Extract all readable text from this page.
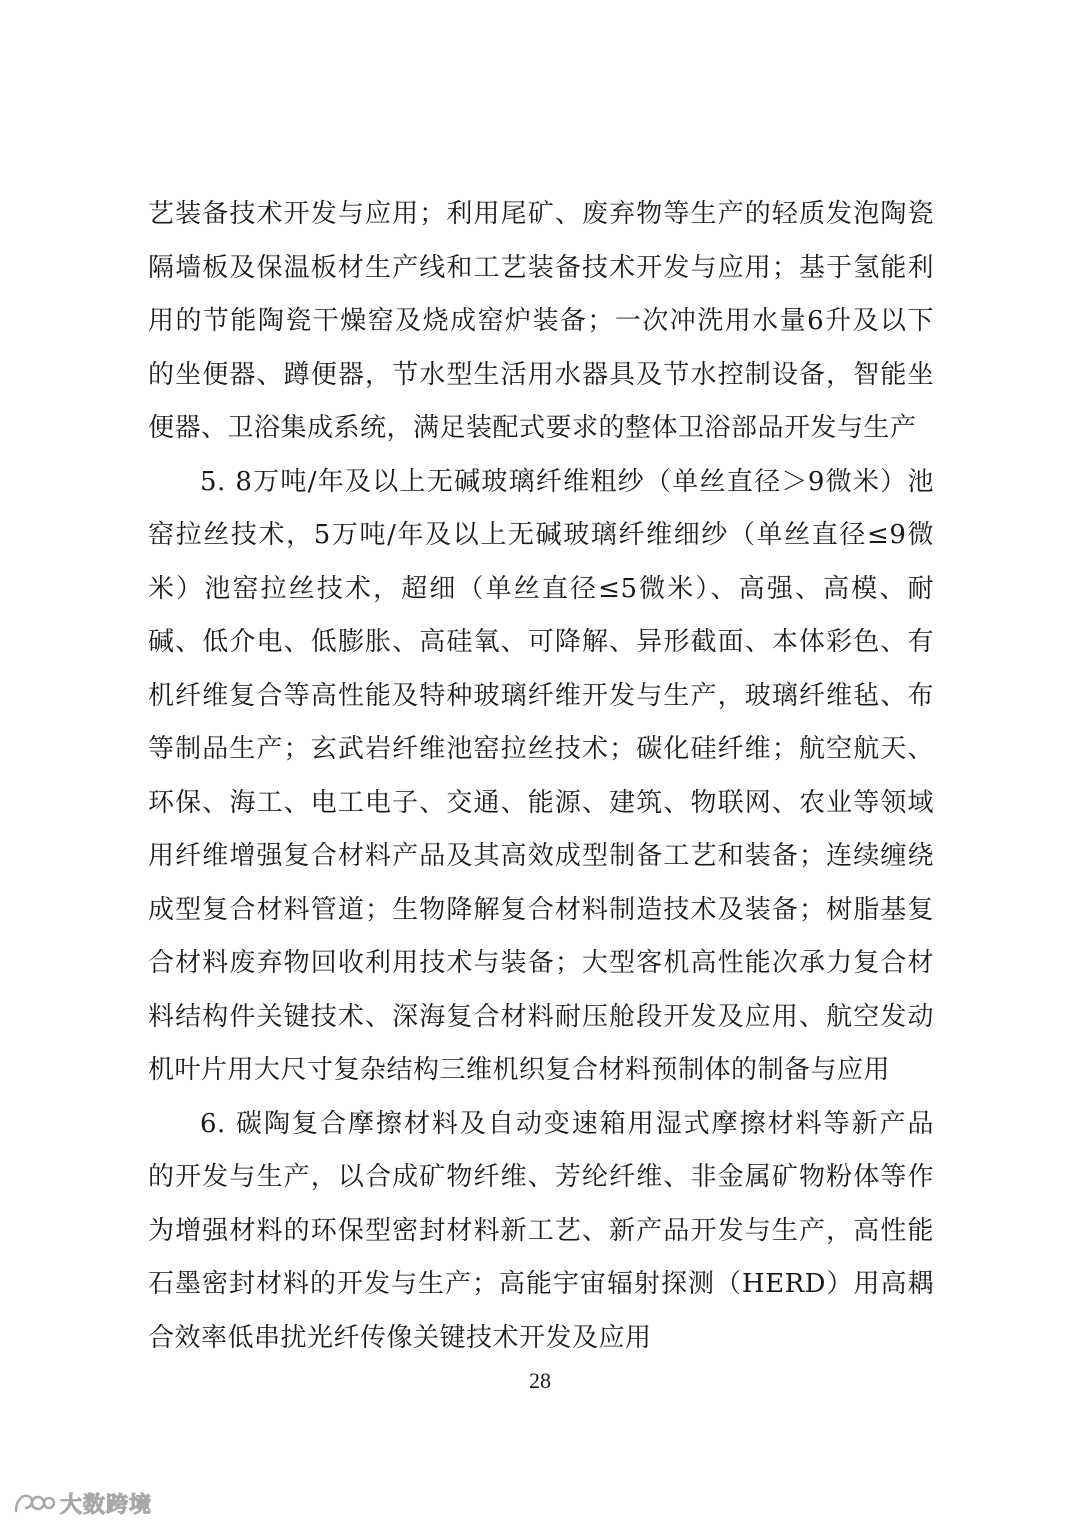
艺装备技术开发与应用；利用尾矿、废弃物等生产的轻质发泡陶瓷
隔墙板及保温板材生产线和工艺装备技术开发与应用；基于氢能利
用的节能陶瓷干燥窑及烧成窑炉装备；一次冲洗用水量6升及以下
的坐便器、蹲便器，节水型生活用水器具及节水控制设备，智能坐
便器、卫浴集成系统，满足装配式要求的整体卫浴部品开发与生产
5. 8万吨/年及以上无碱玻璃纤维粗纱（单丝直径＞9微米）池
窑拉丝技术，5万吨/年及以上无碱玻璃纤维细纱（单丝直径≤9微
米）池窑拉丝技术，超细（单丝直径≤5微米）、高强、高模、耐
碱、低介电、低膨胀、高硅氧、可降解、异形截面、本体彩色、有
机纤维复合等高性能及特种玻璃纤维开发与生产，玻璃纤维毡、布
等制品生产；玄武岩纤维池窑拉丝技术；碳化硅纤维；航空航天、
环保、海工、电工电子、交通、能源、建筑、物联网、农业等领域
用纤维增强复合材料产品及其高效成型制备工艺和装备；连续缠绕
成型复合材料管道；生物降解复合材料制造技术及装备；树脂基复
合材料废弃物回收利用技术与装备；大型客机高性能次承力复合材
料结构件关键技术、深海复合材料耐压舱段开发及应用、航空发动
机叶片用大尺寸复杂结构三维机织复合材料预制体的制备与应用
6. 碳陶复合摩擦材料及自动变速箱用湿式摩擦材料等新产品
的开发与生产，以合成矿物纤维、芳纶纤维、非金属矿物粉体等作
为增强材料的环保型密封材料新工艺、新产品开发与生产，高性能
石墨密封材料的开发与生产；高能宇宙辐射探测（HERD）用高耦
合效率低串扰光纤传像关键技术开发及应用
28
大数跨境
